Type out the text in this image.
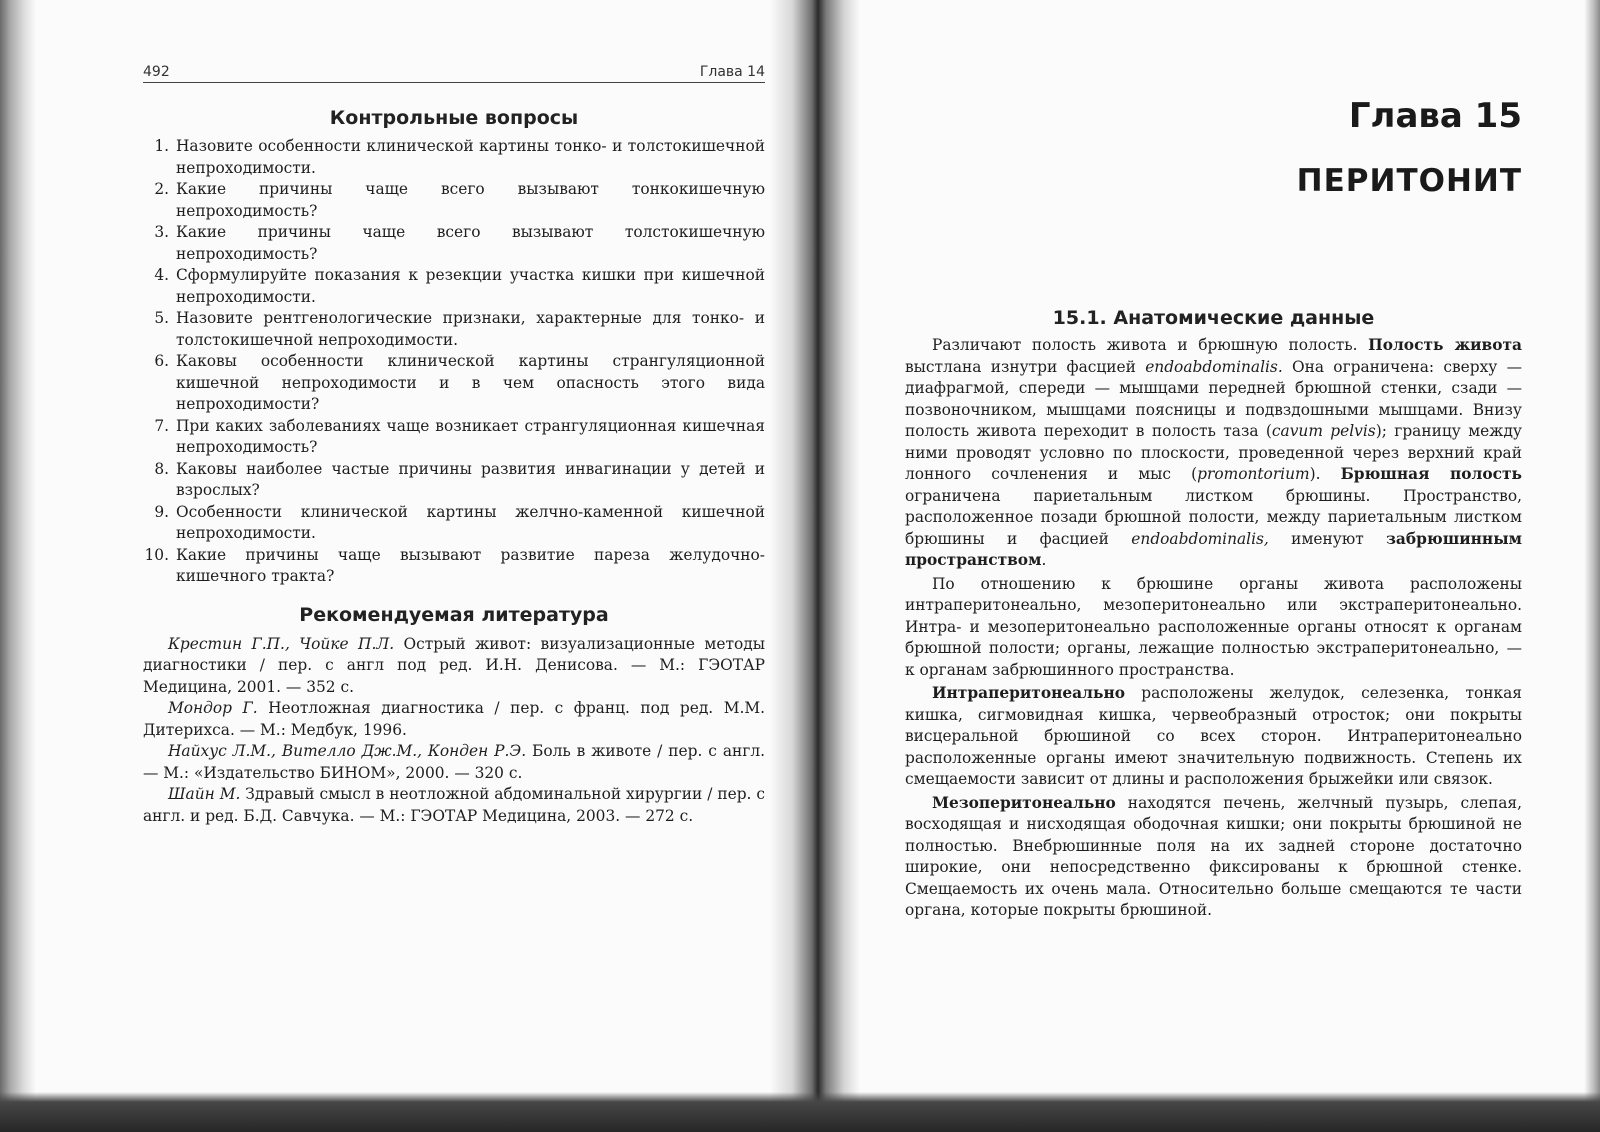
492	Глава 14
Контрольные вопросы
1. Назовите особенности клинической картины тонко- и толстокишечной непроходимости.
2. Какие причины чаще всего вызывают тонкокишечную непроходимость?
3. Какие причины чаще всего вызывают толстокишечную непроходимость?
4. Сформулируйте показания к резекции участка кишки при кишечной непроходимости.
5. Назовите рентгенологические признаки, характерные для тонко- и толстокишечной непроходимости.
6. Каковы особенности клинической картины странгуляционной кишечной непроходимости и в чем опасность этого вида непроходимости?
7. При каких заболеваниях чаще возникает странгуляционная кишечная непроходимость?
8. Каковы наиболее частые причины развития инвагинации у детей и взрослых?
9. Особенности клинической картины желчно-каменной кишечной непроходимости.
10. Какие причины чаще вызывают развитие пареза желудочно-кишечного тракта?
Рекомендуемая литература

Крестин Г.П., Чойке П.Л. Острый живот: визуализационные методы диагностики / пер. с англ под ред. И.Н. Денисова. — М.: ГЭОТАР Медицина, 2001. — 352 с.

Мондор Г. Неотложная диагностика / пер. с франц. под ред. М.М. Дитерихса. — М.: Медбук, 1996.

Найхус Л.М., Вителло Дж.М., Конден Р.Э. Боль в животе / пер. с англ.— М.: «Издательство БИНОМ», 2000. — 320 с.

Шайн М. Здравый смысл в неотложной абдоминальной хирургии / пер. с англ. и ред. Б.Д. Савчука. — М.: ГЭОТАР Медицина, 2003. — 272 с.

Глава 15
ПЕРИТОНИТ
15.1. Анатомические данные

Различают полость живота и брюшную полость. Полость живота выстлана изнутри фасцией endoabdominalis. Она ограничена: сверху — диафрагмой, спереди — мышцами передней брюшной стенки, сзади — позвоночником, мышцами поясницы и подвздошными мышцами. Внизу полость живота переходит в полость таза (cavum pelvis); границу между ними проводят условно по плоскости, проведенной через верхний край лонного сочленения и мыс (promontorium). Брюшная полость ограничена париетальным листком брюшины. Пространство, расположенное позади брюшной полости, между париетальным листком брюшины и фасцией endoabdominalis, именуют забрюшинным пространством.

По отношению к брюшине органы живота расположены интраперитонеально, мезоперитонеально или экстраперитонеально. Интра- и мезоперитонеально расположенные органы относят к органам брюшной полости; органы, лежащие полностью экстраперитонеально, — к органам забрюшинного пространства.

Интраперитонеально расположены желудок, селезенка, тонкая кишка, сигмовидная кишка, червеобразный отросток; они покрыты висцеральной брюшиной со всех сторон. Интраперитонеально расположенные органы имеют значительную подвижность. Степень их смещаемости зависит от длины и расположения брыжейки или связок.

Мезоперитонеально находятся печень, желчный пузырь, слепая, восходящая и нисходящая ободочная кишки; они покрыты брюшиной не полностью. Внебрюшинные поля на их задней стороне достаточно широкие, они непосредственно фиксированы к брюшной стенке. Смещаемость их очень мала. Относительно больше смещаются те части органа, которые покрыты брюшиной.
